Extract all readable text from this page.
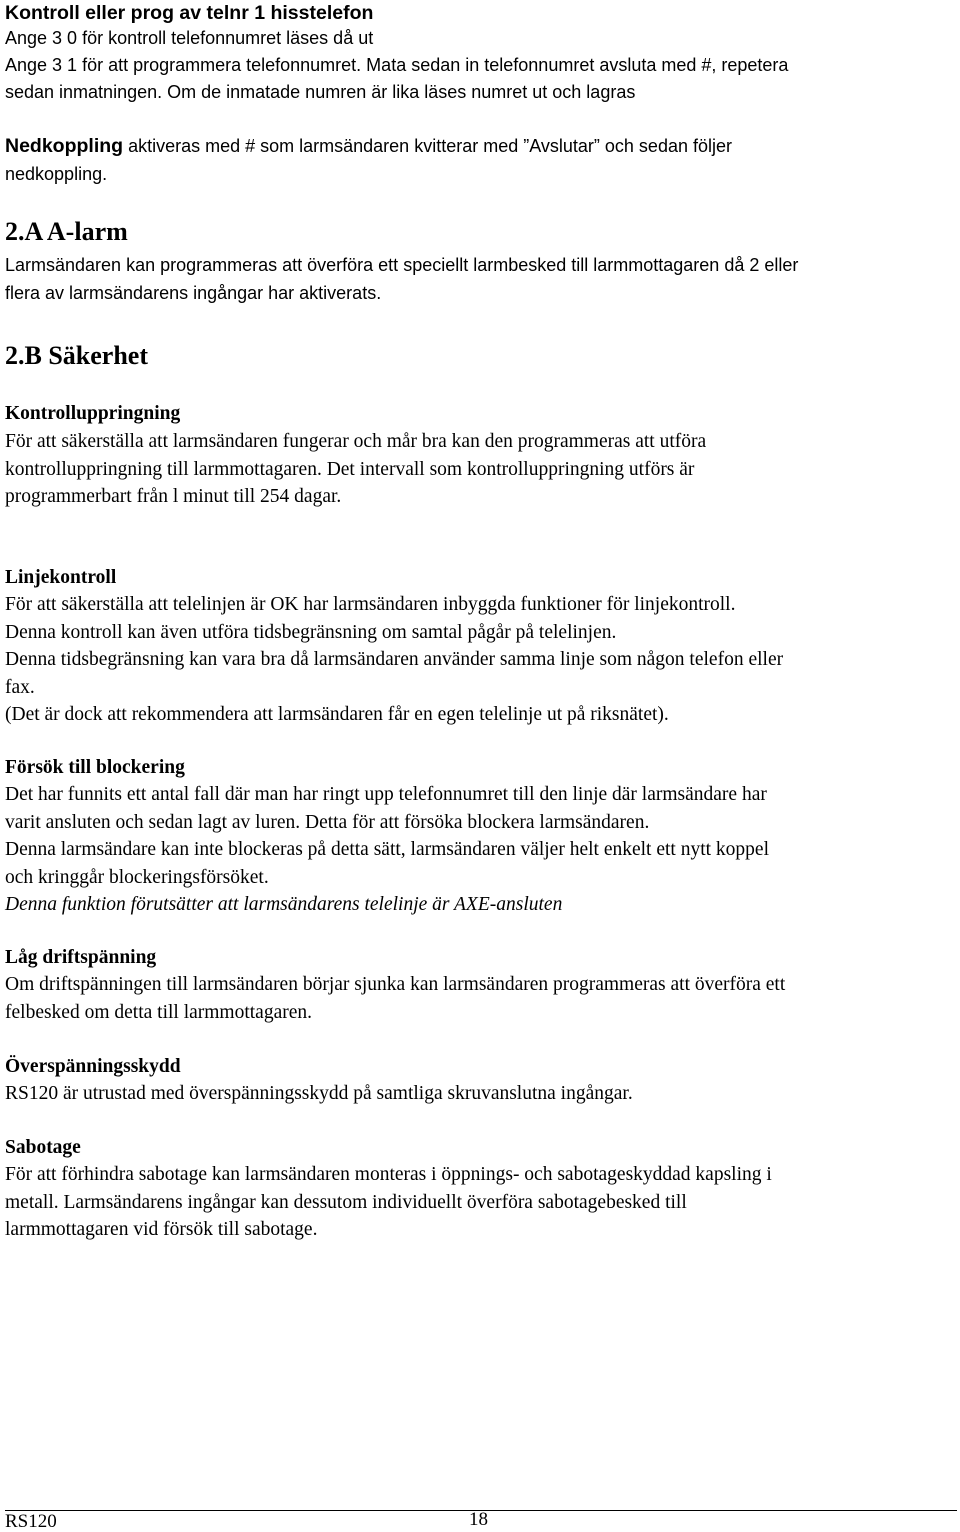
Kontroll eller prog av telnr 1 hisstelefon
Ange 3 0 för kontroll telefonnumret läses då ut
Ange 3 1 för att programmera telefonnumret. Mata sedan in telefonnumret avsluta med #, repetera
sedan inmatningen. Om de inmatade numren är lika läses numret ut och lagras
Nedkoppling aktiveras med # som larmsändaren kvitterar med ”Avslutar” och sedan följer
nedkoppling.
2.A A-larm
Larmsändaren kan programmeras att överföra ett speciellt larmbesked till larmmottagaren då 2 eller
flera av larmsändarens ingångar har aktiverats.
2.B Säkerhet
Kontrolluppringning
För att säkerställa att larmsändaren fungerar och mår bra kan den programmeras att utföra
kontrolluppringning till larmmottagaren. Det intervall som kontrolluppringning utförs är
programmerbart från l minut till 254 dagar.
Linjekontroll
För att säkerställa att telelinjen är OK har larmsändaren inbyggda funktioner för linjekontroll.
Denna kontroll kan även utföra tidsbegränsning om samtal pågår på telelinjen.
Denna tidsbegränsning kan vara bra då larmsändaren använder samma linje som någon telefon eller
fax.
(Det är dock att rekommendera att larmsändaren får en egen telelinje ut på riksnätet).
Försök till blockering
Det har funnits ett antal fall där man har ringt upp telefonnumret till den linje där larmsändare har
varit ansluten och sedan lagt av luren. Detta för att försöka blockera larmsändaren.
Denna larmsändare kan inte blockeras på detta sätt, larmsändaren väljer helt enkelt ett nytt koppel
och kringgår blockeringsförsöket.
Denna funktion förutsätter att larmsändarens telelinje är AXE-ansluten
Låg driftspänning
Om driftspänningen till larmsändaren börjar sjunka kan larmsändaren programmeras att överföra ett
felbesked om detta till larmmottagaren.
Överspänningsskydd
RS120 är utrustad med överspänningsskydd på samtliga skruvanslutna ingångar.
Sabotage
För att förhindra sabotage kan larmsändaren monteras i öppnings- och sabotageskyddad kapsling i
metall. Larmsändarens ingångar kan dessutom individuellt överföra sabotagebesked till
larmmottagaren vid försök till sabotage.
RS120	18
